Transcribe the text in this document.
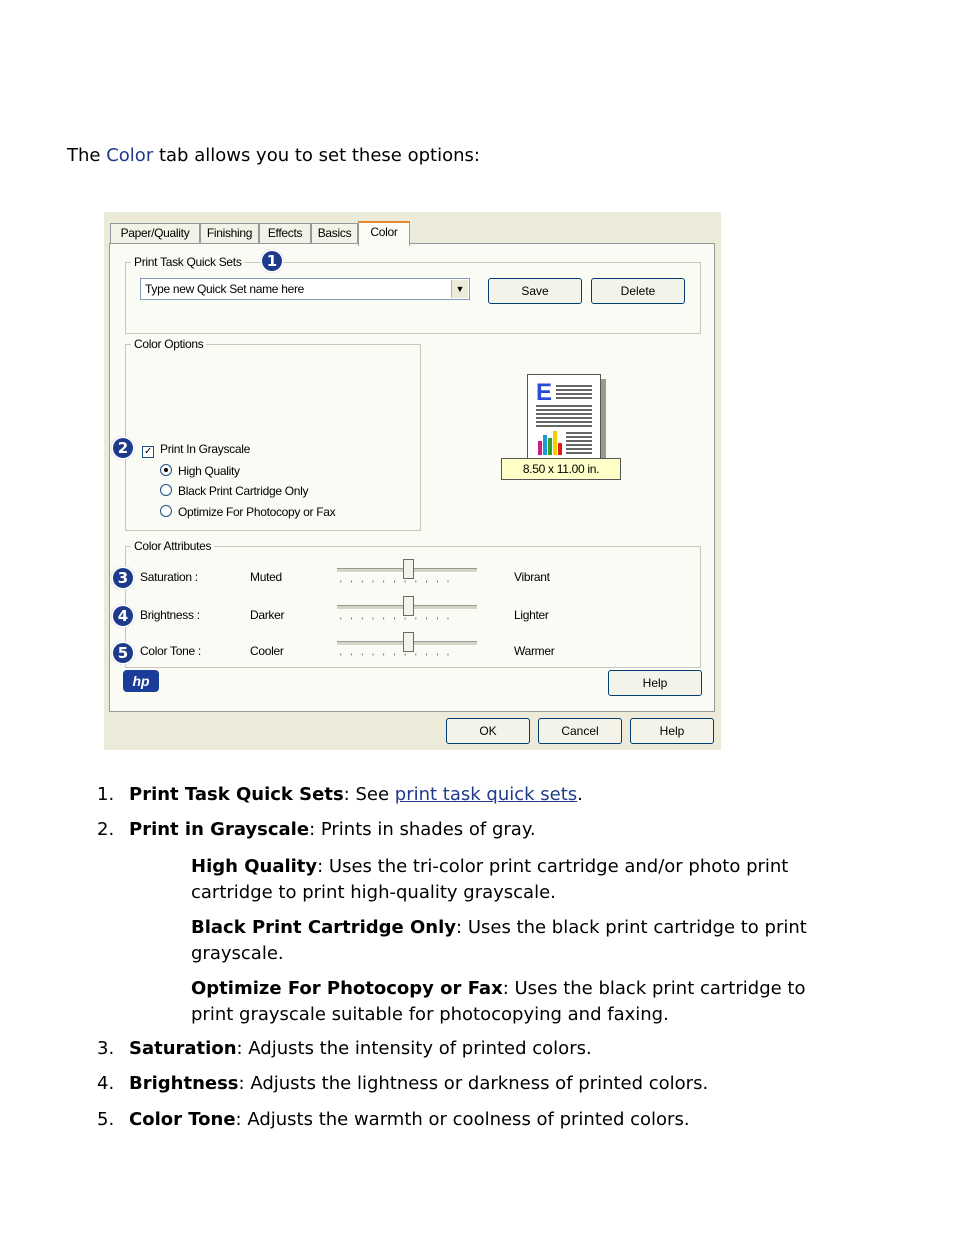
The Color tab allows you to set these options:
Paper/Quality	Finishing	Effects	Basics	Color
Print Task Quick Sets	1
Type new Quick Set name here	▼	Save	Delete
Color Options
2	✓ Print In Grayscale
High Quality
Black Print Cartridge Only
Optimize For Photocopy or Fax
E
8.50 x 11.00 in.
Color Attributes
3 Saturation :	Muted	'''''''''''	Vibrant
4 Brightness :	Darker	'''''''''''	Lighter
5 Color Tone :	Cooler	'''''''''''	Warmer
hp	Help
OK	Cancel	Help
1. Print Task Quick Sets: See print task quick sets.
2. Print in Grayscale: Prints in shades of gray.
High Quality: Uses the tri-color print cartridge and/or photo print cartridge to print high-quality grayscale.
Black Print Cartridge Only: Uses the black print cartridge to print grayscale.
Optimize For Photocopy or Fax: Uses the black print cartridge to print grayscale suitable for photocopying and faxing.
3. Saturation: Adjusts the intensity of printed colors.
4. Brightness: Adjusts the lightness or darkness of printed colors.
5. Color Tone: Adjusts the warmth or coolness of printed colors.
